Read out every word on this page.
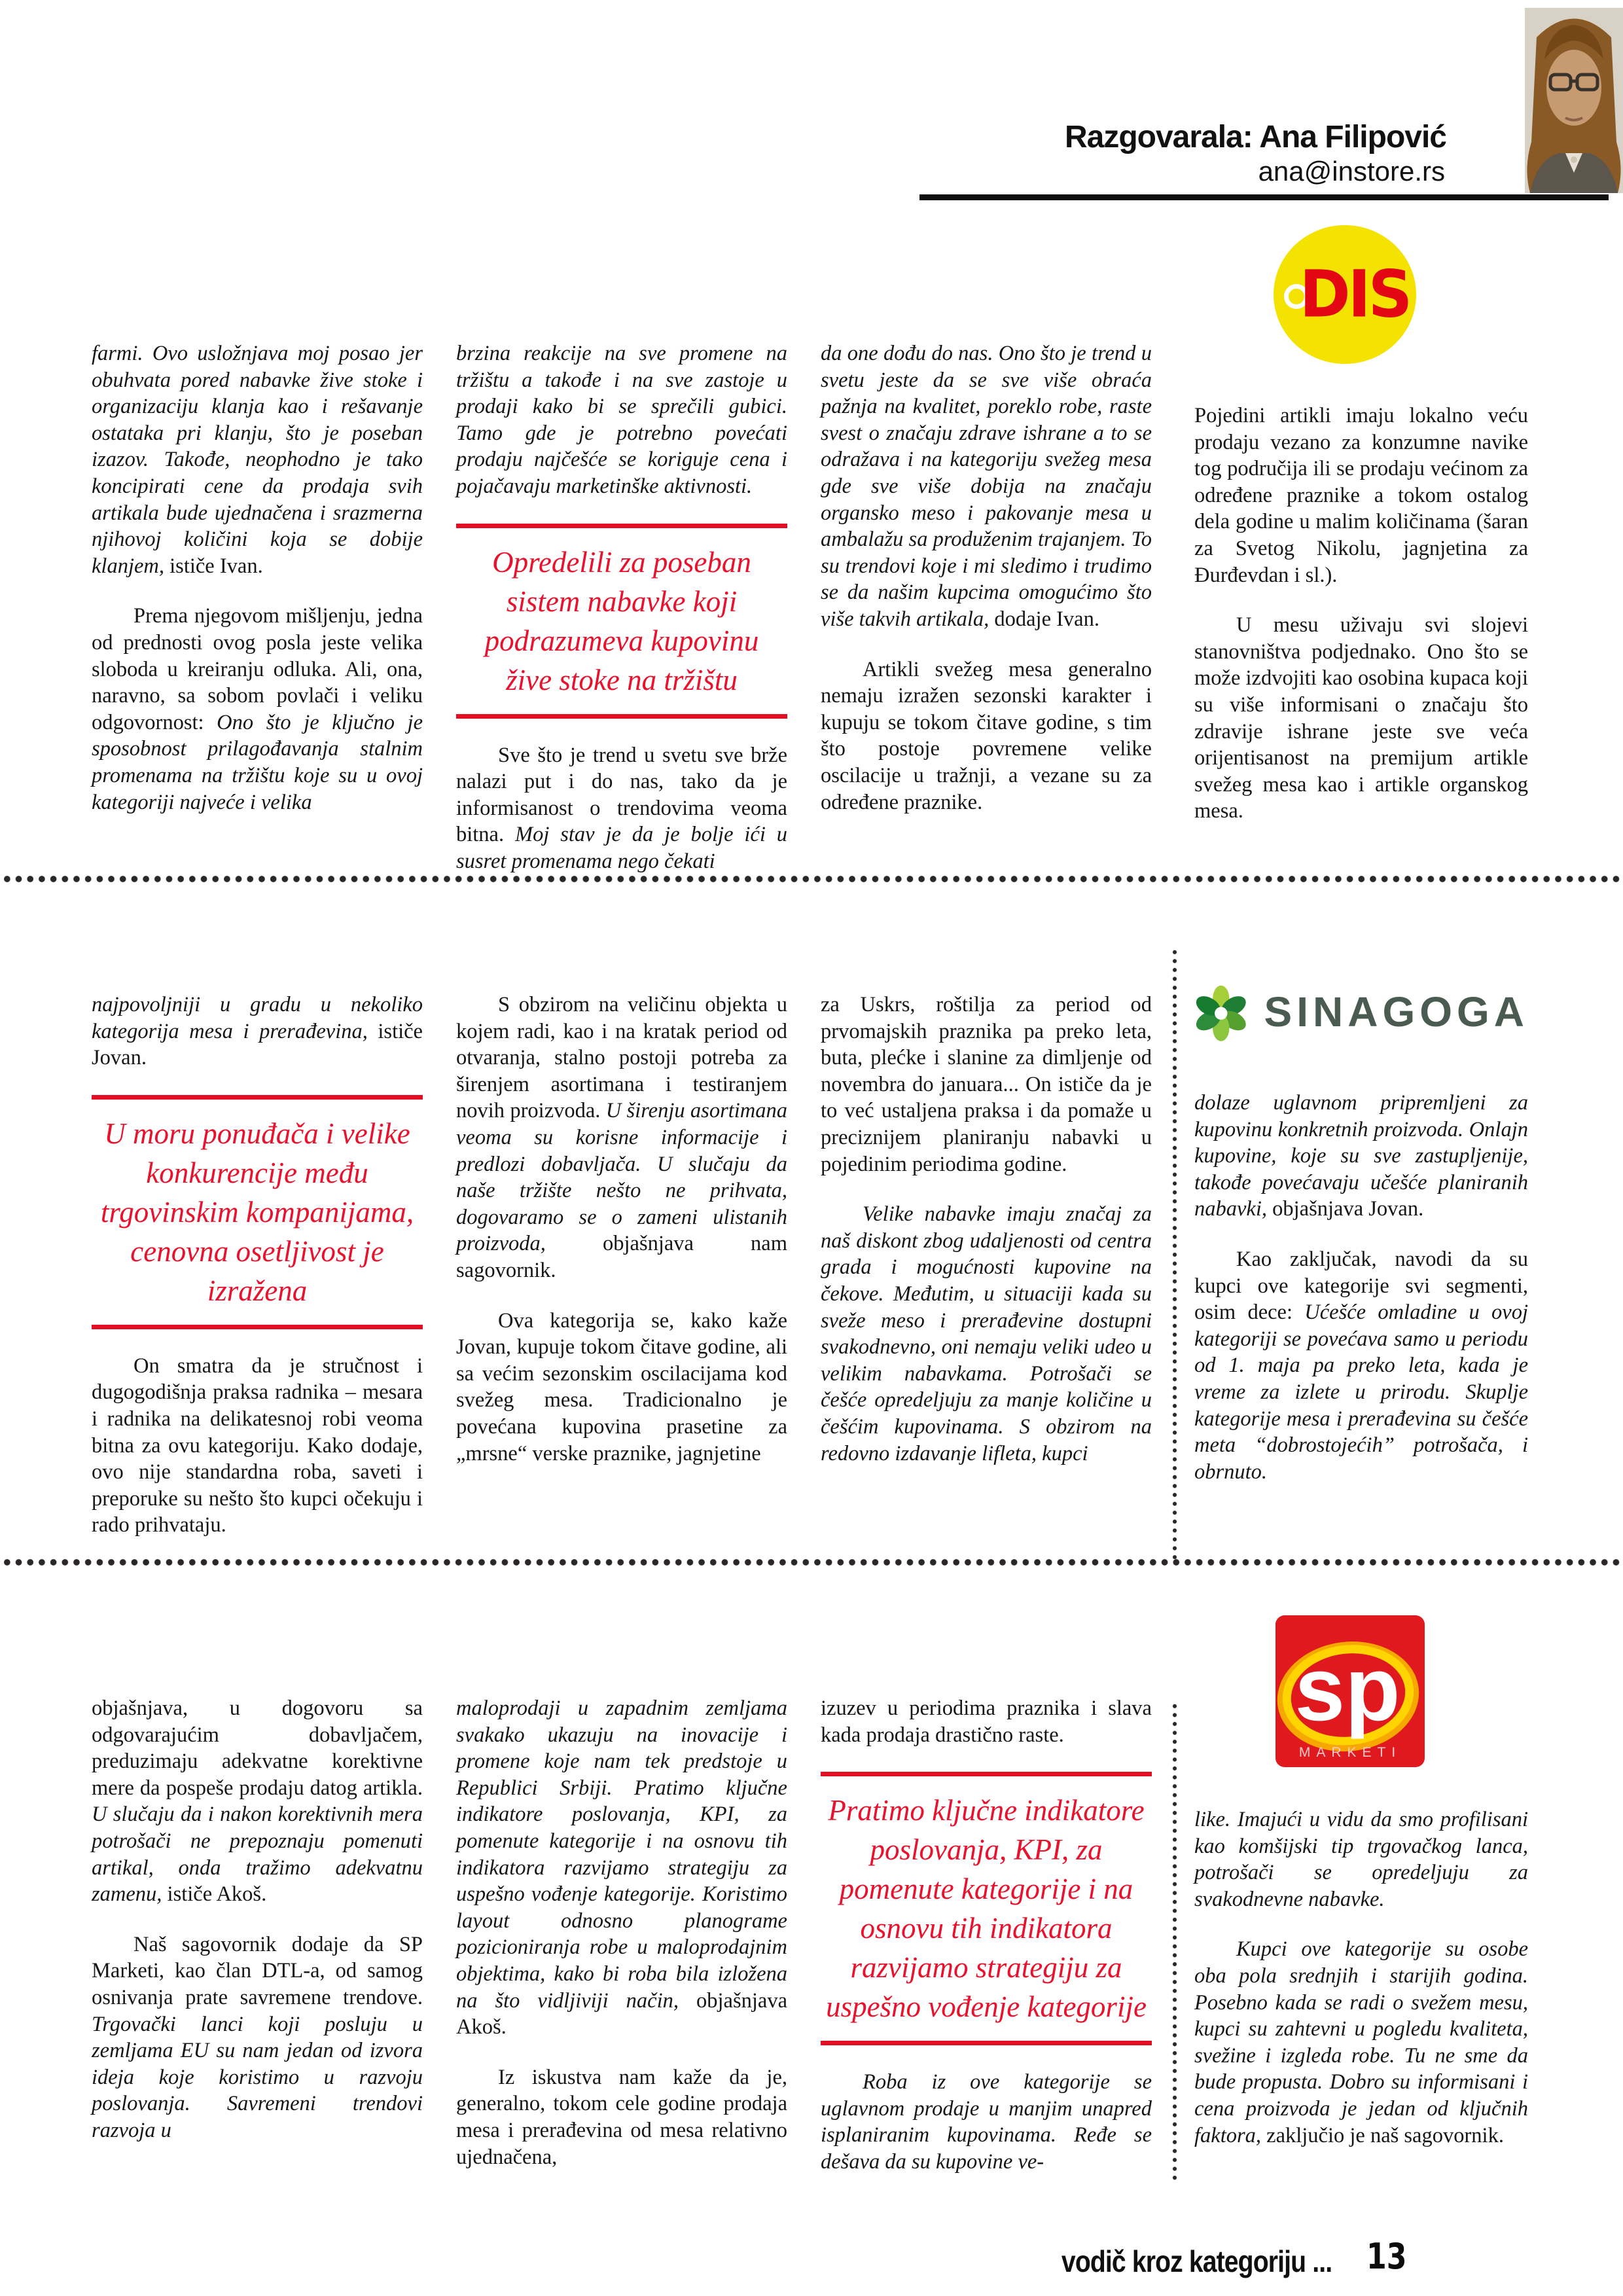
Razgovarala: Ana Filipović
ana@instore.rs
DIS
SINAGOGA
sp
MARKETI

farmi. Ovo usložnjava moj posao jer obuhvata pored nabavke žive stoke i organizaciju klanja kao i rešavanje ostataka pri klanju, što je poseban izazov. Takođe, neophodno je tako koncipirati cene da prodaja svih artikala bude ujednačena i srazmerna njihovoj količini koja se dobije klanjem, ističe Ivan.

Prema njegovom mišljenju, jedna od prednosti ovog posla jeste velika sloboda u kreiranju odluka. Ali, ona, naravno, sa sobom povlači i veliku odgovornost: Ono što je ključno je sposobnost prilagođavanja stalnim promenama na tržištu koje su u ovoj kategoriji najveće i velika

brzina reakcije na sve promene na tržištu a takođe i na sve zastoje u prodaji kako bi se sprečili gubici. Tamo gde je potrebno povećati prodaju najčešće se koriguje cena i pojačavaju marketinške aktivnosti.

Opredelili za poseban sistem nabavke koji podrazumeva kupovinu žive stoke na tržištu

Sve što je trend u svetu sve brže nalazi put i do nas, tako da je informisanost o trendovima veoma bitna. Moj stav je da je bolje ići u susret promenama nego čekati

da one dođu do nas. Ono što je trend u svetu jeste da se sve više obraća pažnja na kvalitet, poreklo robe, raste svest o značaju zdrave ishrane a to se odražava i na kategoriju svežeg mesa gde sve više dobija na značaju organsko meso i pakovanje mesa u ambalažu sa produženim trajanjem. To su trendovi koje i mi sledimo i trudimo se da našim kupcima omogućimo što više takvih artikala, dodaje Ivan.

Artikli svežeg mesa generalno nemaju izražen sezonski karakter i kupuju se tokom čitave godine, s tim što postoje povremene velike oscilacije u tražnji, a vezane su za određene praznike.

Pojedini artikli imaju lokalno veću prodaju vezano za konzumne navike tog područija ili se prodaju većinom za određene praznike a tokom ostalog dela godine u malim količinama (šaran za Svetog Nikolu, jagnjetina za Đurđevdan i sl.).

U mesu uživaju svi slojevi stanovništva podjednako. Ono što se može izdvojiti kao osobina kupaca koji su više informisani o značaju što zdravije ishrane jeste sve veća orijentisanost na premijum artikle svežeg mesa kao i artikle organskog mesa.

najpovoljniji u gradu u nekoliko kategorija mesa i prerađevina, ističe Jovan.

U moru ponuđača i velike konkurencije među trgovinskim kompanijama, cenovna osetljivost je izražena

On smatra da je stručnost i dugogodišnja praksa radnika – mesara i radnika na delikatesnoj robi veoma bitna za ovu kategoriju. Kako dodaje, ovo nije standardna roba, saveti i preporuke su nešto što kupci očekuju i rado prihvataju.

S obzirom na veličinu objekta u kojem radi, kao i na kratak period od otvaranja, stalno postoji potreba za širenjem asortimana i testiranjem novih proizvoda. U širenju asortimana veoma su korisne informacije i predlozi dobavljača. U slučaju da naše tržište nešto ne prihvata, dogovaramo se o zameni ulistanih proizvoda, objašnjava nam sagovornik.

Ova kategorija se, kako kaže Jovan, kupuje tokom čitave godine, ali sa većim sezonskim oscilacijama kod svežeg mesa. Tradicionalno je povećana kupovina prasetine za „mrsne“ verske praznike, jagnjetine

za Uskrs, roštilja za period od prvomajskih praznika pa preko leta, buta, plećke i slanine za dimljenje od novembra do januara... On ističe da je to već ustaljena praksa i da pomaže u preciznijem planiranju nabavki u pojedinim periodima godine.

Velike nabavke imaju značaj za naš diskont zbog udaljenosti od centra grada i mogućnosti kupovine na čekove. Međutim, u situaciji kada su sveže meso i prerađevine dostupni svakodnevno, oni nemaju veliki udeo u velikim nabavkama. Potrošači se češće opredeljuju za manje količine u češćim kupovinama. S obzirom na redovno izdavanje lifleta, kupci

dolaze uglavnom pripremljeni za kupovinu konkretnih proizvoda. Onlajn kupovine, koje su sve zastupljenije, takođe povećavaju učešće planiranih nabavki, objašnjava Jovan.

Kao zaključak, navodi da su kupci ove kategorije svi segmenti, osim dece: Ućešće omladine u ovoj kategoriji se povećava samo u periodu od 1. maja pa preko leta, kada je vreme za izlete u prirodu. Skuplje kategorije mesa i prerađevina su češće meta “dobrostojećih” potrošača, i obrnuto.

objašnjava, u dogovoru sa odgovarajućim dobavljačem, preduzimaju adekvatne korektivne mere da pospeše prodaju datog artikla. U slučaju da i nakon korektivnih mera potrošači ne prepoznaju pomenuti artikal, onda tražimo adekvatnu zamenu, ističe Akoš.

Naš sagovornik dodaje da SP Marketi, kao član DTL-a, od samog osnivanja prate savremene trendove. Trgovački lanci koji posluju u zemljama EU su nam jedan od izvora ideja koje koristimo u razvoju poslovanja. Savremeni trendovi razvoja u

maloprodaji u zapadnim zemljama svakako ukazuju na inovacije i promene koje nam tek predstoje u Republici Srbiji. Pratimo ključne indikatore poslovanja, KPI, za pomenute kategorije i na osnovu tih indikatora razvijamo strategiju za uspešno vođenje kategorije. Koristimo layout odnosno planograme pozicioniranja robe u maloprodajnim objektima, kako bi roba bila izložena na što vidljiviji način, objašnjava Akoš.

Iz iskustva nam kaže da je, generalno, tokom cele godine prodaja mesa i prerađevina od mesa relativno ujednačena,

izuzev u periodima praznika i slava kada prodaja drastično raste.

Pratimo ključne indikatore poslovanja, KPI, za pomenute kategorije i na osnovu tih indikatora razvijamo strategiju za uspešno vođenje kategorije

Roba iz ove kategorije se uglavnom prodaje u manjim unapred isplaniranim kupovinama. Ređe se dešava da su kupovine ve-

like. Imajući u vidu da smo profilisani kao komšijski tip trgovačkog lanca, potrošači se opredeljuju za svakodnevne nabavke.

Kupci ove kategorije su osobe oba pola srednjih i starijih godina. Posebno kada se radi o svežem mesu, kupci su zahtevni u pogledu kvaliteta, svežine i izgleda robe. Tu ne sme da bude propusta. Dobro su informisani i cena proizvoda je jedan od ključnih faktora, zaključio je naš sagovornik.

vodič kroz kategoriju ... 13
